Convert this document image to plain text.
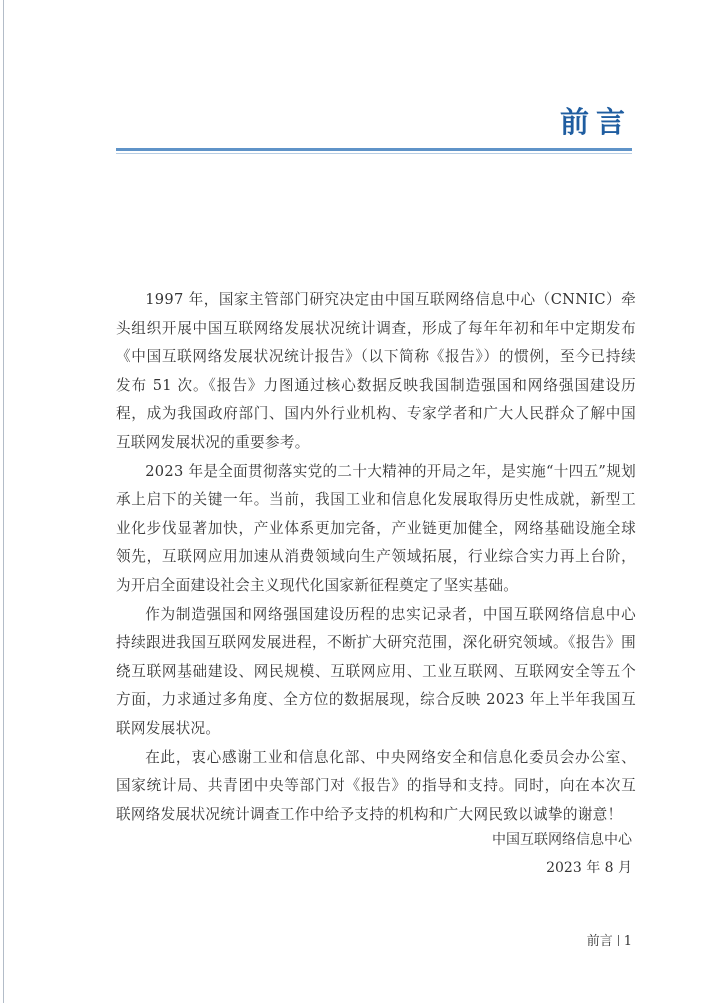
前言

1997 年，国家主管部门研究决定由中国互联网络信息中心（CNNIC）牵头组织开展中国互联网络发展状况统计调查，形成了每年年初和年中定期发布《中国互联网络发展状况统计报告》（以下简称《报告》）的惯例，至今已持续发布 51 次。《报告》力图通过核心数据反映我国制造强国和网络强国建设历程，成为我国政府部门、国内外行业机构、专家学者和广大人民群众了解中国互联网发展状况的重要参考。

2023 年是全面贯彻落实党的二十大精神的开局之年，是实施“十四五”规划承上启下的关键一年。当前，我国工业和信息化发展取得历史性成就，新型工业化步伐显著加快，产业体系更加完备，产业链更加健全，网络基础设施全球领先，互联网应用加速从消费领域向生产领域拓展，行业综合实力再上台阶，为开启全面建设社会主义现代化国家新征程奠定了坚实基础。

作为制造强国和网络强国建设历程的忠实记录者，中国互联网络信息中心持续跟进我国互联网发展进程，不断扩大研究范围，深化研究领域。《报告》围绕互联网基础建设、网民规模、互联网应用、工业互联网、互联网安全等五个方面，力求通过多角度、全方位的数据展现，综合反映 2023 年上半年我国互联网发展状况。

在此，衷心感谢工业和信息化部、中央网络安全和信息化委员会办公室、国家统计局、共青团中央等部门对《报告》的指导和支持。同时，向在本次互联网络发展状况统计调查工作中给予支持的机构和广大网民致以诚挚的谢意！

中国互联网络信息中心
2023 年 8 月
前言 1
